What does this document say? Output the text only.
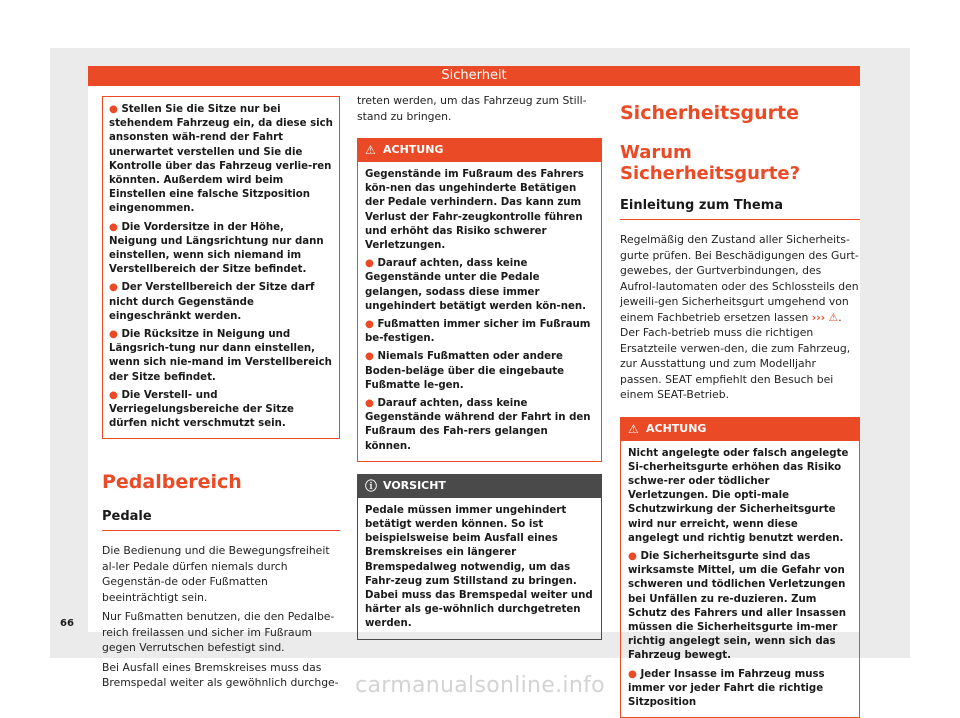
Sicherheit

● Stellen Sie die Sitze nur bei stehendem Fahrzeug ein, da diese sich ansonsten wäh-rend der Fahrt unerwartet verstellen und Sie die Kontrolle über das Fahrzeug verlie-ren könnten. Außerdem wird beim Einstellen eine falsche Sitzposition eingenommen.

● Die Vordersitze in der Höhe, Neigung und Längsrichtung nur dann einstellen, wenn sich niemand im Verstellbereich der Sitze befindet.

● Der Verstellbereich der Sitze darf nicht durch Gegenstände eingeschränkt werden.

● Die Rücksitze in Neigung und Längsrich-tung nur dann einstellen, wenn sich nie-mand im Verstellbereich der Sitze befindet.

● Die Verstell- und Verriegelungsbereiche der Sitze dürfen nicht verschmutzt sein.

Pedalbereich
Pedale

Die Bedienung und die Bewegungsfreiheit al-ler Pedale dürfen niemals durch Gegenstän-de oder Fußmatten beeinträchtigt sein.

Nur Fußmatten benutzen, die den Pedalbe-reich freilassen und sicher im Fußraum gegen Verrutschen befestigt sind.

Bei Ausfall eines Bremskreises muss das Bremspedal weiter als gewöhnlich durchge-

treten werden, um das Fahrzeug zum Still-stand zu bringen.

⚠ ACHTUNG

Gegenstände im Fußraum des Fahrers kön-nen das ungehinderte Betätigen der Pedale verhindern. Das kann zum Verlust der Fahr-zeugkontrolle führen und erhöht das Risiko schwerer Verletzungen.

● Darauf achten, dass keine Gegenstände unter die Pedale gelangen, sodass diese immer ungehindert betätigt werden kön-nen.

● Fußmatten immer sicher im Fußraum be-festigen.

● Niemals Fußmatten oder andere Boden-beläge über die eingebaute Fußmatte le-gen.

● Darauf achten, dass keine Gegenstände während der Fahrt in den Fußraum des Fah-rers gelangen können.

ⓘ VORSICHT

Pedale müssen immer ungehindert betätigt werden können. So ist beispielsweise beim Ausfall eines Bremskreises ein längerer Bremspedalweg notwendig, um das Fahr-zeug zum Stillstand zu bringen. Dabei muss das Bremspedal weiter und härter als ge-wöhnlich durchgetreten werden.

Sicherheitsgurte
Warum Sicherheitsgurte?
Einleitung zum Thema

Regelmäßig den Zustand aller Sicherheits-gurte prüfen. Bei Beschädigungen des Gurt-gewebes, der Gurtverbindungen, des Aufrol-lautomaten oder des Schlossteils den jeweili-gen Sicherheitsgurt umgehend von einem Fachbetrieb ersetzen lassen ››› ⚠. Der Fach-betrieb muss die richtigen Ersatzteile verwen-den, die zum Fahrzeug, zur Ausstattung und zum Modelljahr passen. SEAT empfiehlt den Besuch bei einem SEAT-Betrieb.

⚠ ACHTUNG

Nicht angelegte oder falsch angelegte Si-cherheitsgurte erhöhen das Risiko schwe-rer oder tödlicher Verletzungen. Die opti-male Schutzwirkung der Sicherheitsgurte wird nur erreicht, wenn diese angelegt und richtig benutzt werden.

● Die Sicherheitsgurte sind das wirksamste Mittel, um die Gefahr von schweren und tödlichen Verletzungen bei Unfällen zu re-duzieren. Zum Schutz des Fahrers und aller Insassen müssen die Sicherheitsgurte im-mer richtig angelegt sein, wenn sich das Fahrzeug bewegt.

● Jeder Insasse im Fahrzeug muss immer vor jeder Fahrt die richtige Sitzposition

66
carmanualsonline.info
